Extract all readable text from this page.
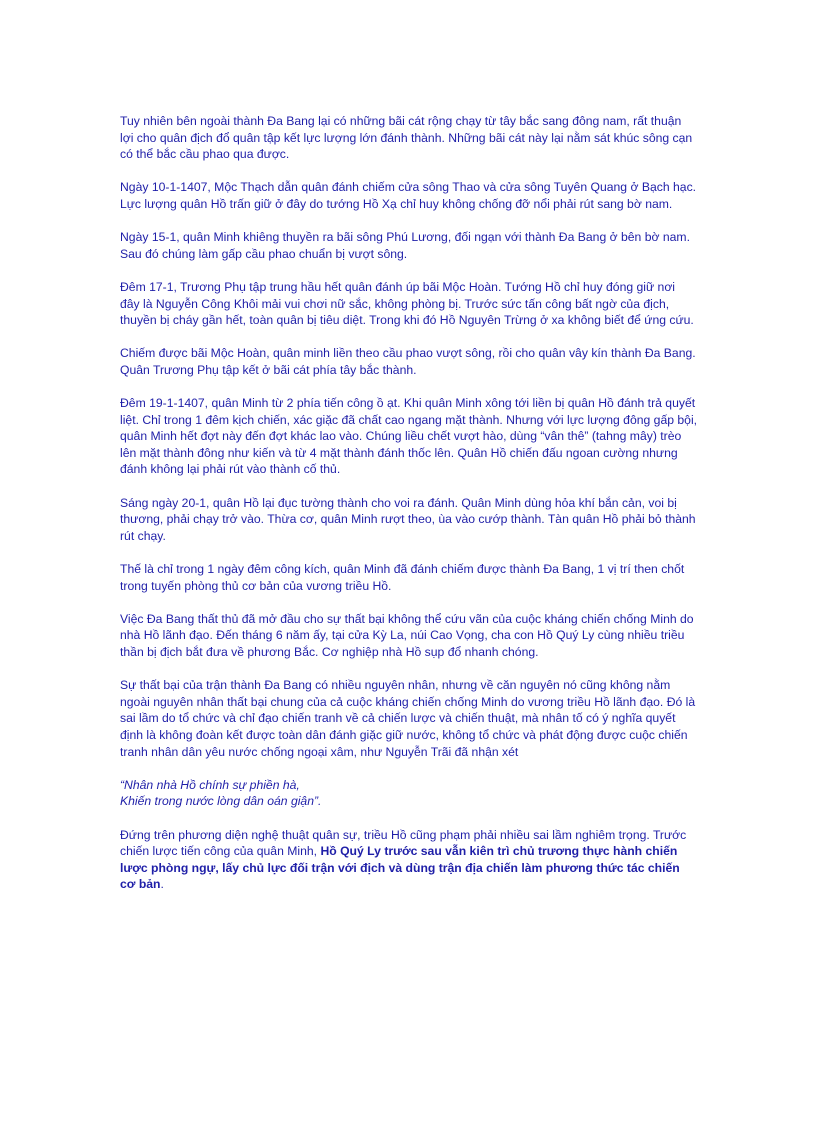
Tuy nhiên bên ngoài thành Đa Bang lại có những bãi cát rộng chạy từ tây bắc sang đông nam, rất thuận lợi cho quân địch đổ quân tập kết lực lượng lớn đánh thành. Những bãi cát này lại nằm sát khúc sông cạn có thể bắc cầu phao qua được.

Ngày 10-1-1407, Mộc Thạch dẫn quân đánh chiếm cửa sông Thao và cửa sông Tuyên Quang ở Bạch hạc. Lực lượng quân Hồ trấn giữ ở đây do tướng Hồ Xạ chỉ huy không chống đỡ nổi phải rút sang bờ nam.

Ngày 15-1, quân Minh khiêng thuyền ra bãi sông Phú Lương, đối ngạn với thành Đa Bang ở bên bờ nam. Sau đó chúng làm gấp cầu phao chuẩn bị vượt sông.

Đêm 17-1, Trương Phụ tập trung hầu hết quân đánh úp bãi Mộc Hoàn. Tướng Hồ chỉ huy đóng giữ nơi đây là Nguyễn Công Khôi mải vui chơi nữ sắc, không phòng bị. Trước sức tấn công bất ngờ của địch, thuyền bị cháy gần hết, toàn quân bị tiêu diệt. Trong khi đó Hồ Nguyên Trừng ở xa không biết để ứng cứu.

Chiếm được bãi Mộc Hoàn, quân minh liền theo cầu phao vượt sông, rồi cho quân vây kín thành Đa Bang. Quân Trương Phụ tập kết ở bãi cát phía tây bắc thành.

Đêm 19-1-1407, quân Minh từ 2 phía tiến công ồ ạt. Khi quân Minh xông tới liền bị quân Hồ đánh trả quyết liệt. Chỉ trong 1 đêm kịch chiến, xác giặc đã chất cao ngang mặt thành. Nhưng với lực lượng đông gấp bội, quân Minh hết đợt này đến đợt khác lao vào. Chúng liều chết vượt hào, dùng “vân thê” (tahng mây) trèo lên mặt thành đông như kiến và từ 4 mặt thành đánh thốc lên. Quân Hồ chiến đấu ngoan cường nhưng đánh không lại phải rút vào thành cố thủ.

Sáng ngày 20-1, quân Hồ lại đục tường thành cho voi ra đánh. Quân Minh dùng hỏa khí bắn cản, voi bị thương, phải chạy trở vào. Thừa cơ, quân Minh rượt theo, ùa vào cướp thành. Tàn quân Hồ phải bỏ thành rút chạy.

Thế là chỉ trong 1 ngày đêm công kích, quân Minh đã đánh chiếm được thành Đa Bang, 1 vị trí then chốt trong tuyến phòng thủ cơ bản của vương triều Hồ.

Việc Đa Bang thất thủ đã mở đầu cho sự thất bại không thể cứu vãn của cuộc kháng chiến chống Minh do nhà Hồ lãnh đạo. Đến tháng 6 năm ấy, tại cửa Kỳ La, núi Cao Vọng, cha con Hồ Quý Ly cùng nhiều triều thần bị địch bắt đưa về phương Bắc. Cơ nghiệp nhà Hồ sụp đổ nhanh chóng.

Sự thất bại của trận thành Đa Bang có nhiều nguyên nhân, nhưng về căn nguyên nó cũng không nằm ngoài nguyên nhân thất bại chung của cả cuộc kháng chiến chống Minh do vương triều Hồ lãnh đạo. Đó là sai lầm do tổ chức và chỉ đạo chiến tranh về cả chiến lược và chiến thuật, mà nhân tố có ý nghĩa quyết định là không đoàn kết được toàn dân đánh giặc giữ nước, không tổ chức và phát động được cuộc chiến tranh nhân dân yêu nước chống ngoại xâm, như Nguyễn Trãi đã nhận xét

“Nhân nhà Hồ chính sự phiền hà,
Khiến trong nước lòng dân oán giận”.

Đứng trên phương diện nghệ thuật quân sự, triều Hồ cũng phạm phải nhiều sai lầm nghiêm trọng. Trước chiến lược tiến công của quân Minh, Hồ Quý Ly trước sau vẫn kiên trì chủ trương thực hành chiến lược phòng ngự, lấy chủ lực đối trận với địch và dùng trận địa chiến làm phương thức tác chiến cơ bản.
